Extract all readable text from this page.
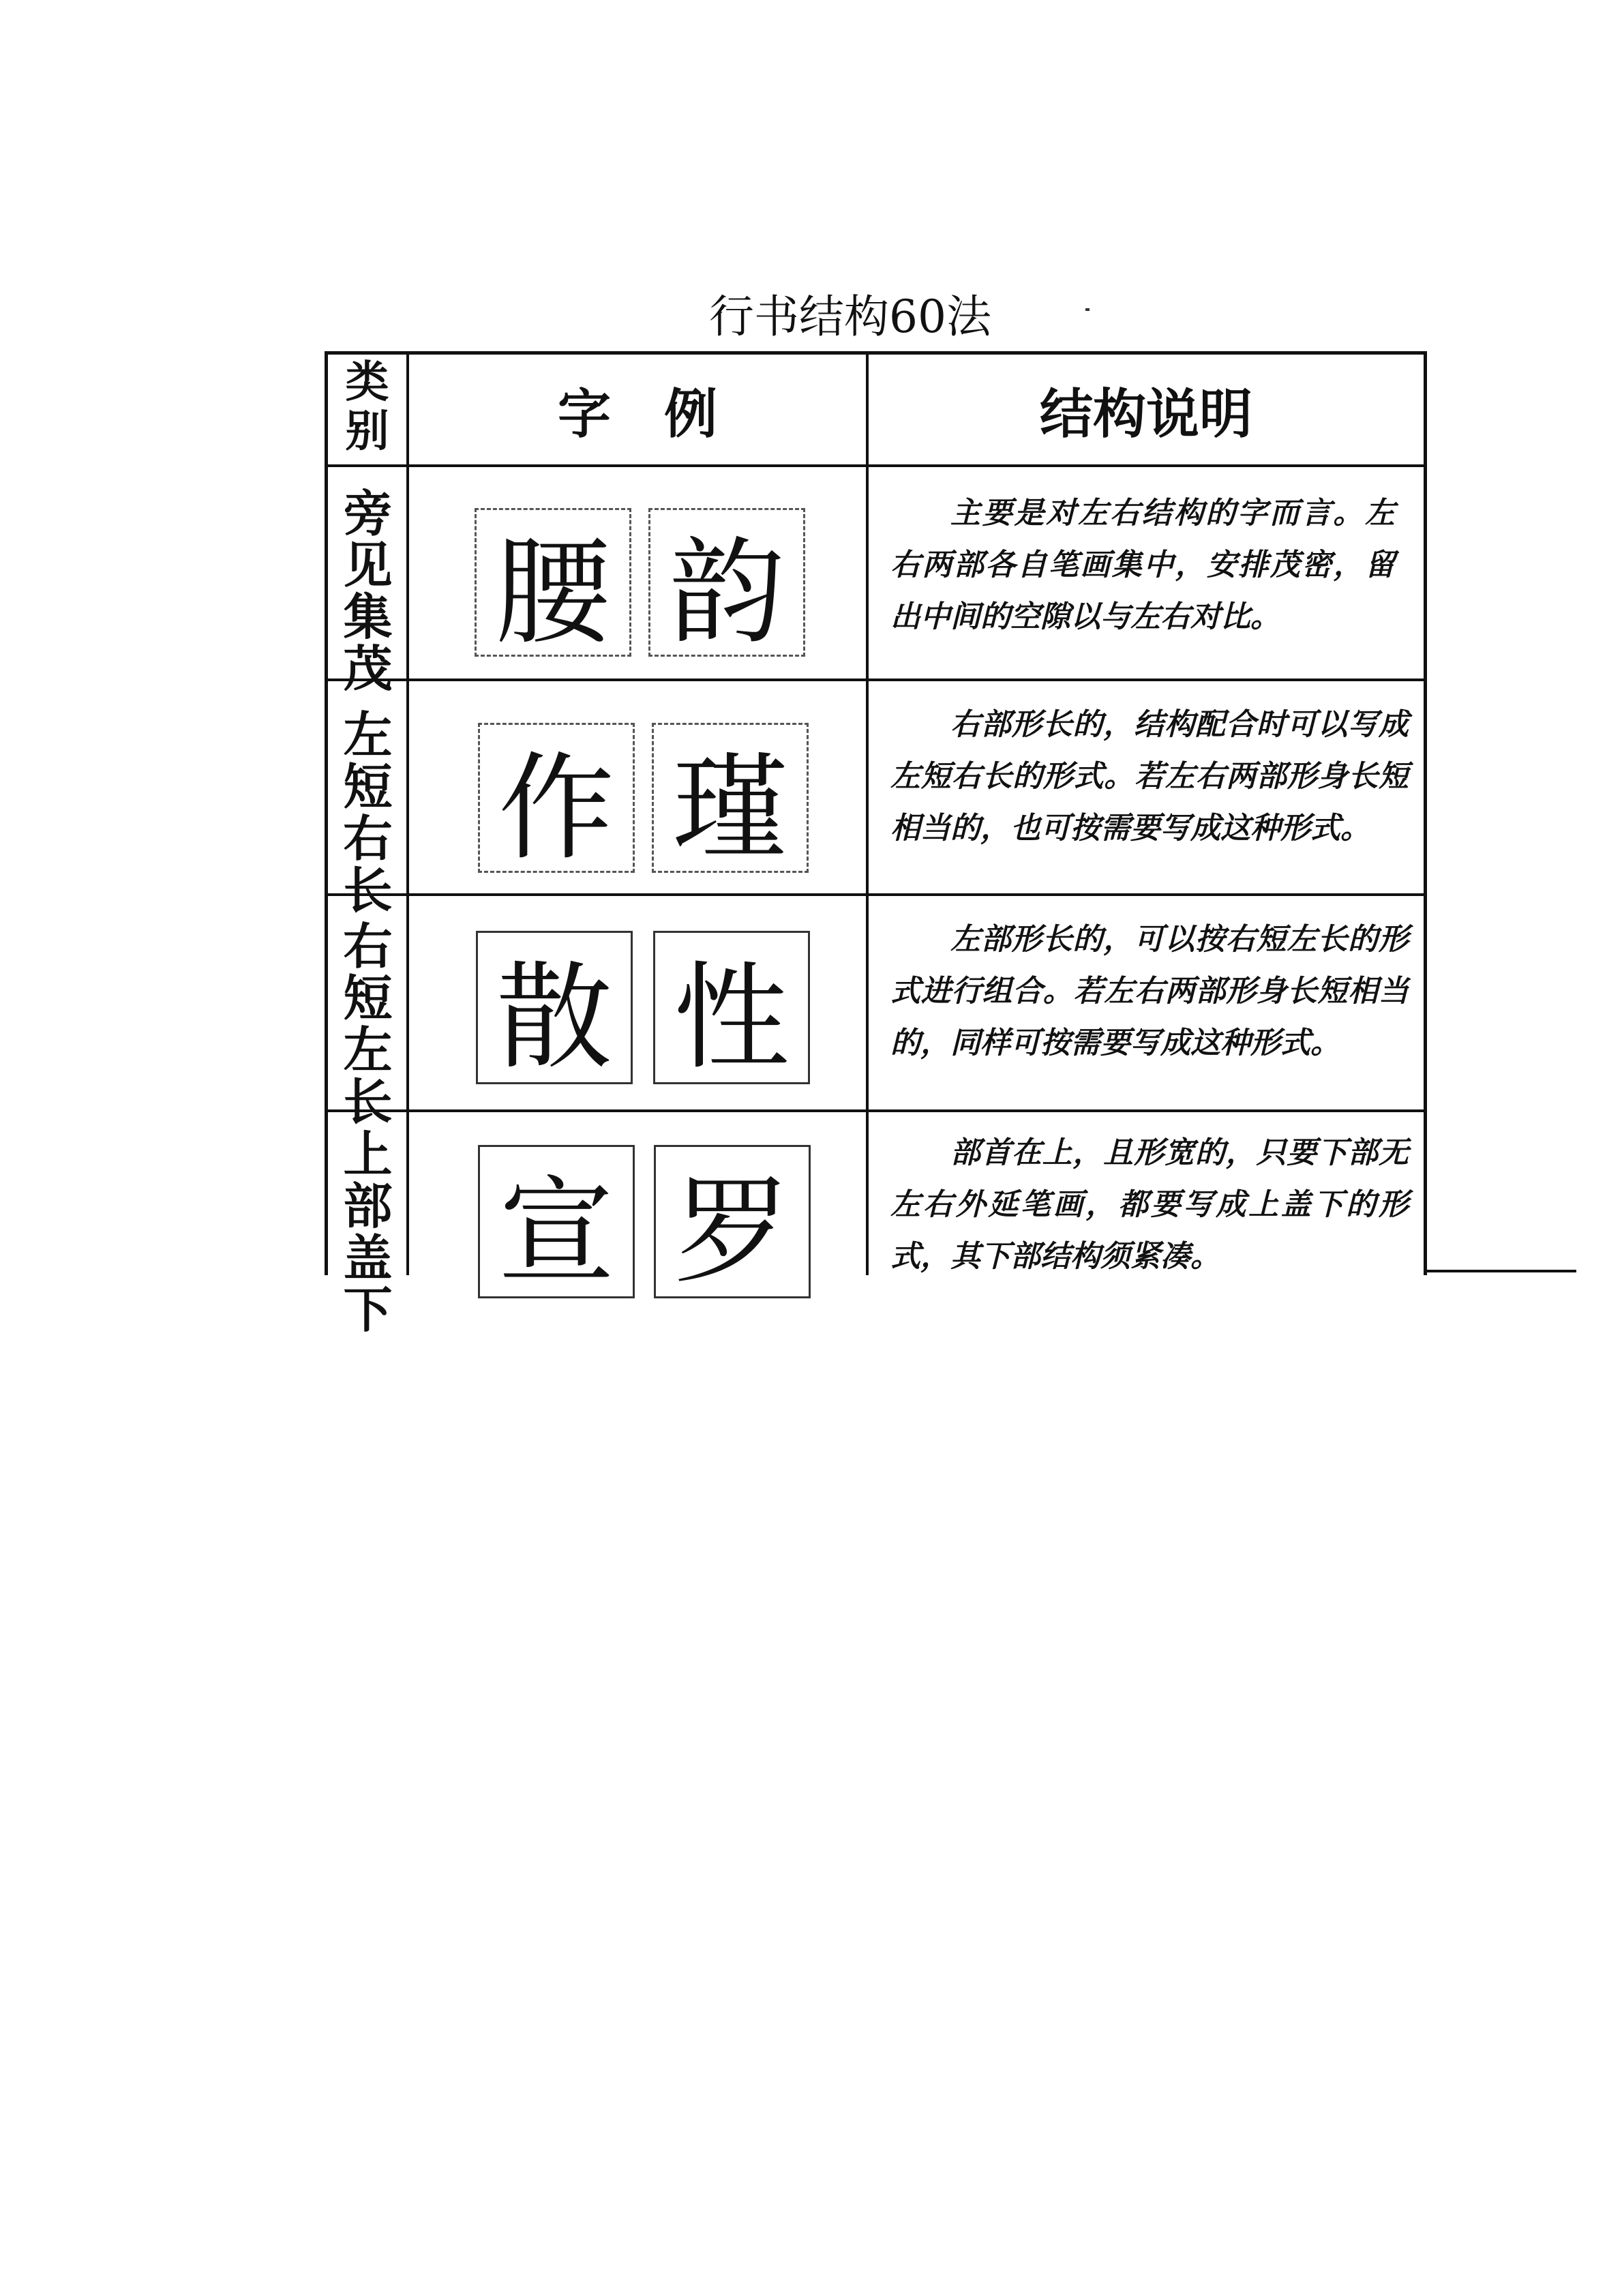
行书结构60法
类别	字　例	结构说明
旁见集茂
腰 韵
主要是对左右结构的字而言。左右两部各自笔画集中，安排茂密，留出中间的空隙以与左右对比。
左短右长
作 瑾
右部形长的，结构配合时可以写成左短右长的形式。若左右两部形身长短相当的，也可按需要写成这种形式。
右短左长
散 性
左部形长的，可以按右短左长的形式进行组合。若左右两部形身长短相当的，同样可按需要写成这种形式。
上部盖下
宣 罗
部首在上，且形宽的，只要下部无左右外延笔画，都要写成上盖下的形式，其下部结构须紧凑。
